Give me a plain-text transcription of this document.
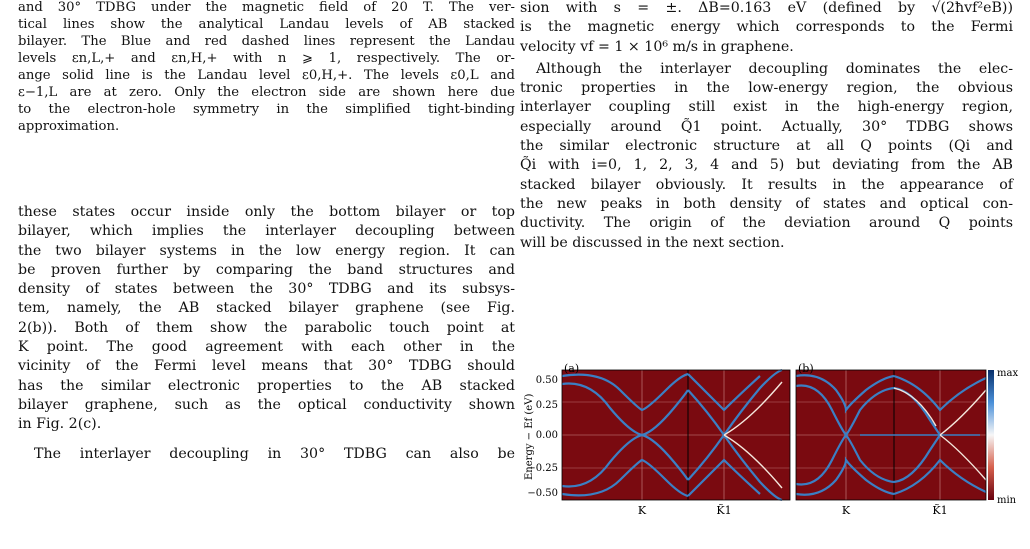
and 30° TDBG under the magnetic field of 20 T. The ver-
tical lines show the analytical Landau levels of AB stacked
bilayer. The Blue and red dashed lines represent the Landau
levels εn,L,+ and εn,H,+ with n ⩾ 1, respectively. The or-
ange solid line is the Landau level ε0,H,+. The levels ε0,L and
ε−1,L are at zero. Only the electron side are shown here due
to the electron-hole symmetry in the simplified tight-binding
approximation.
these states occur inside only the bottom bilayer or top
bilayer, which implies the interlayer decoupling between
the two bilayer systems in the low energy region. It can
be proven further by comparing the band structures and
density of states between the 30° TDBG and its subsys-
tem, namely, the AB stacked bilayer graphene (see Fig.
2(b)). Both of them show the parabolic touch point at
K point. The good agreement with each other in the
vicinity of the Fermi level means that 30° TDBG should
has the similar electronic properties to the AB stacked
bilayer graphene, such as the optical conductivity shown
in Fig. 2(c).
The interlayer decoupling in 30° TDBG can also be
sion with s = ±. ΔB=0.163 eV (defined by √(2ħvf²eB))
is the magnetic energy which corresponds to the Fermi
velocity vf = 1 × 10⁶ m/s in graphene.
Although the interlayer decoupling dominates the elec-
tronic properties in the low-energy region, the obvious
interlayer coupling still exist in the high-energy region,
especially around Q̃1 point. Actually, 30° TDBG shows
the similar electronic structure at all Q points (Qi and
Q̃i with i=0, 1, 2, 3, 4 and 5) but deviating from the AB
stacked bilayer obviously. It results in the appearance of
the new peaks in both density of states and optical con-
ductivity. The origin of the deviation around Q points
will be discussed in the next section.
(a)
0.50
0.25
0.00
−0.25
−0.50
Energy − Ef (eV)
K	K̃1
(b)
K	K̃1
max
min
